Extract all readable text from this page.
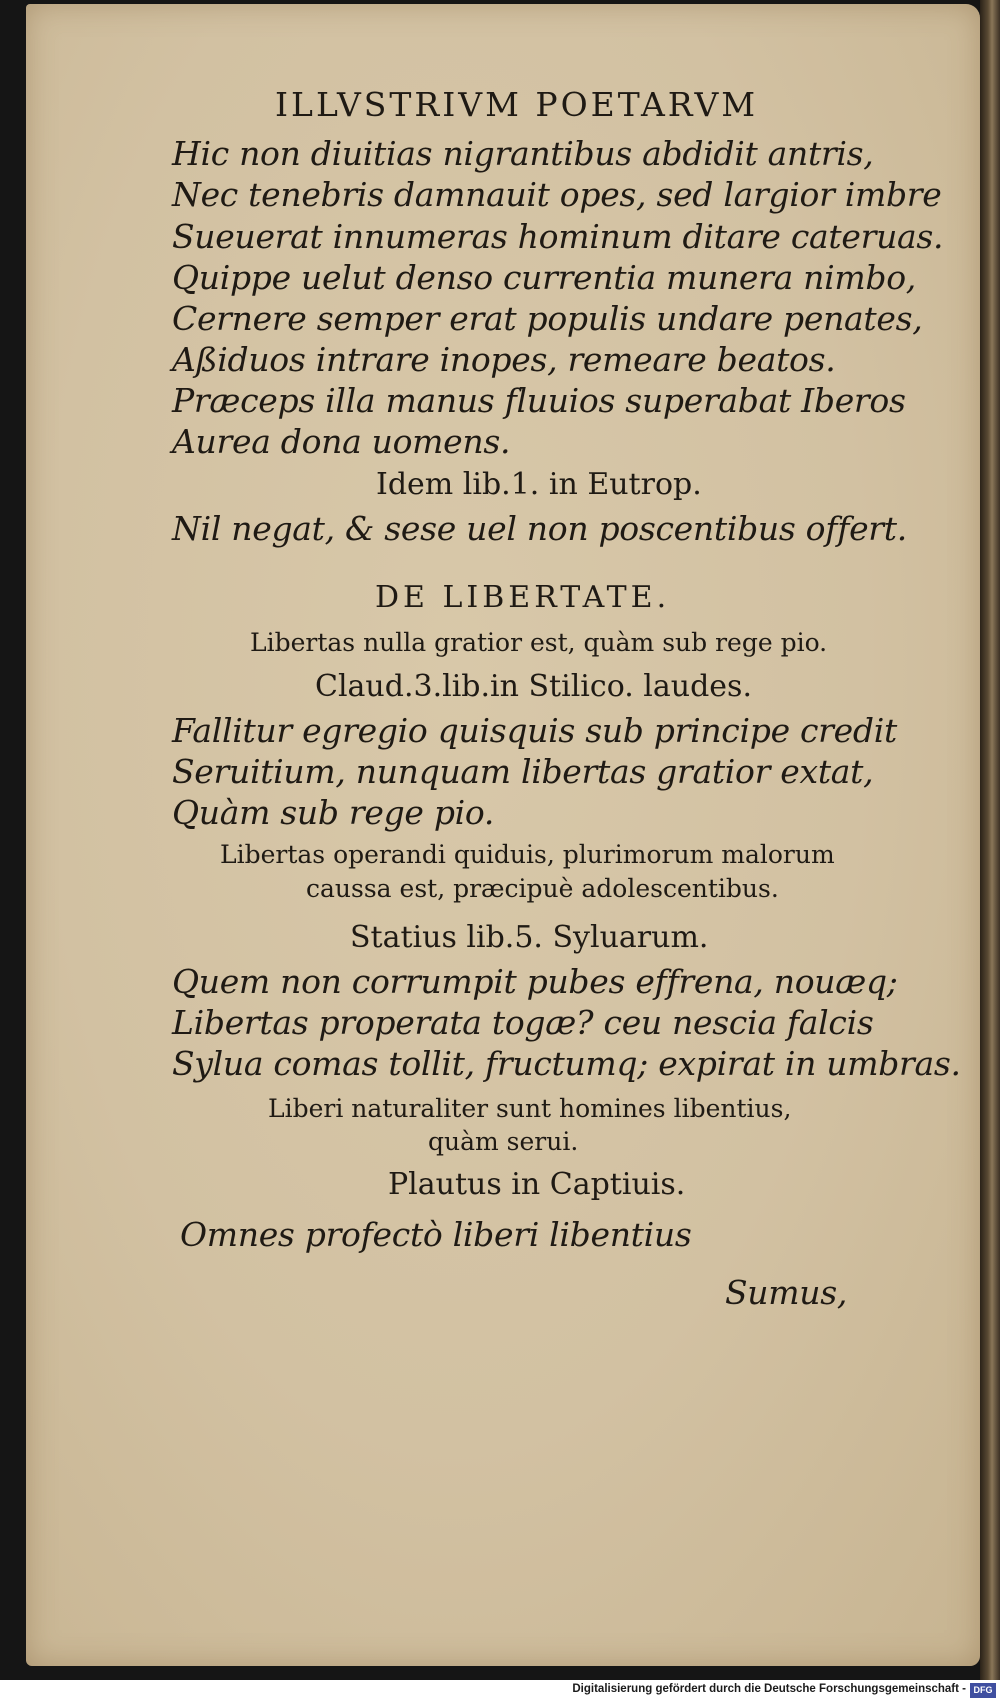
ILLVSTRIVM POETARVM
Hic non diuitias nigrantibus abdidit antris,
Nec tenebris damnauit opes, sed largior imbre
Sueuerat innumeras hominum ditare cateruas.
Quippe uelut denso currentia munera nimbo,
Cernere semper erat populis undare penates,
Aßiduos intrare inopes, remeare beatos.
Præceps illa manus fluuios superabat Iberos
Aurea dona uomens.
Idem lib.1. in Eutrop.
Nil negat, & sese uel non poscentibus offert.
DE LIBERTATE.
Libertas nulla gratior est, quàm sub rege pio.
Claud.3.lib.in Stilico. laudes.
Fallitur egregio quisquis sub principe credit
Seruitium, nunquam libertas gratior extat,
Quàm sub rege pio.
Libertas operandi quiduis, plurimorum malorum
caussa est, præcipuè adolescentibus.
Statius lib.5. Syluarum.
Quem non corrumpit pubes effrena, nouæq;
Libertas properata togæ? ceu nescia falcis
Sylua comas tollit, fructumq; expirat in umbras.
Liberi naturaliter sunt homines libentius,
quàm serui.
Plautus in Captiuis.
Omnes profectò liberi libentius
Sumus,
Digitalisierung gefördert durch die Deutsche Forschungsgemeinschaft - DFG
